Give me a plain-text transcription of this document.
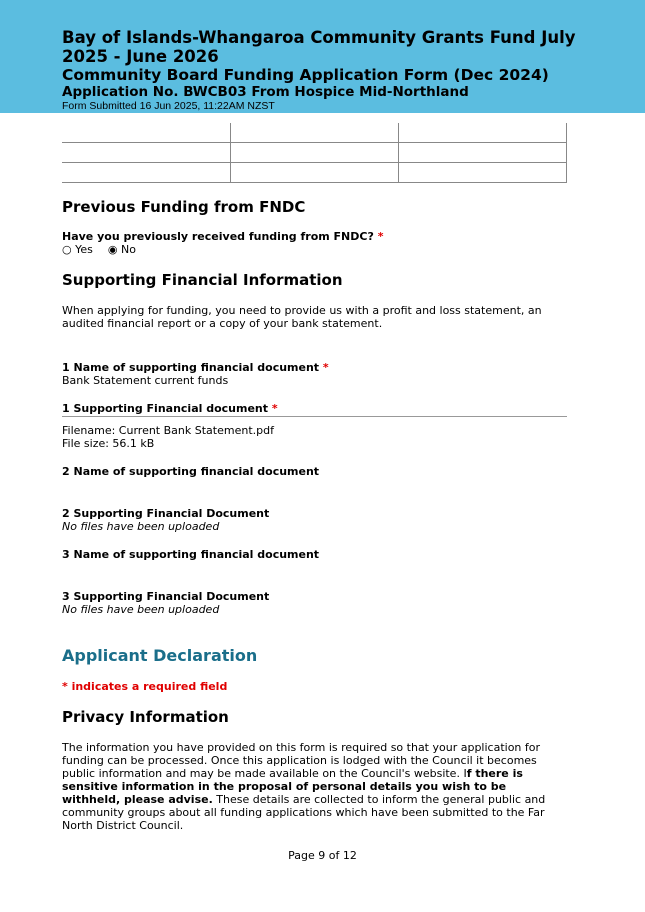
Bay of Islands-Whangaroa Community Grants Fund July 2025 - June 2026
Community Board Funding Application Form (Dec 2024)
Application No. BWCB03 From Hospice Mid-Northland
Form Submitted 16 Jun 2025, 11:22AM NZST
Previous Funding from FNDC
Have you previously received funding from FNDC? *
○ Yes ◉ No
Supporting Financial Information

When applying for funding, you need to provide us with a profit and loss statement, an audited financial report or a copy of your bank statement.

1 Name of supporting financial document *
Bank Statement current funds
1 Supporting Financial document *
Filename: Current Bank Statement.pdf
File size: 56.1 kB
2 Name of supporting financial document
2 Supporting Financial Document
No files have been uploaded
3 Name of supporting financial document
3 Supporting Financial Document
No files have been uploaded
Applicant Declaration
* indicates a required field
Privacy Information

The information you have provided on this form is required so that your application for funding can be processed. Once this application is lodged with the Council it becomes public information and may be made available on the Council's website. If there is sensitive information in the proposal of personal details you wish to be withheld, please advise. These details are collected to inform the general public and community groups about all funding applications which have been submitted to the Far North District Council.

Page 9 of 12
